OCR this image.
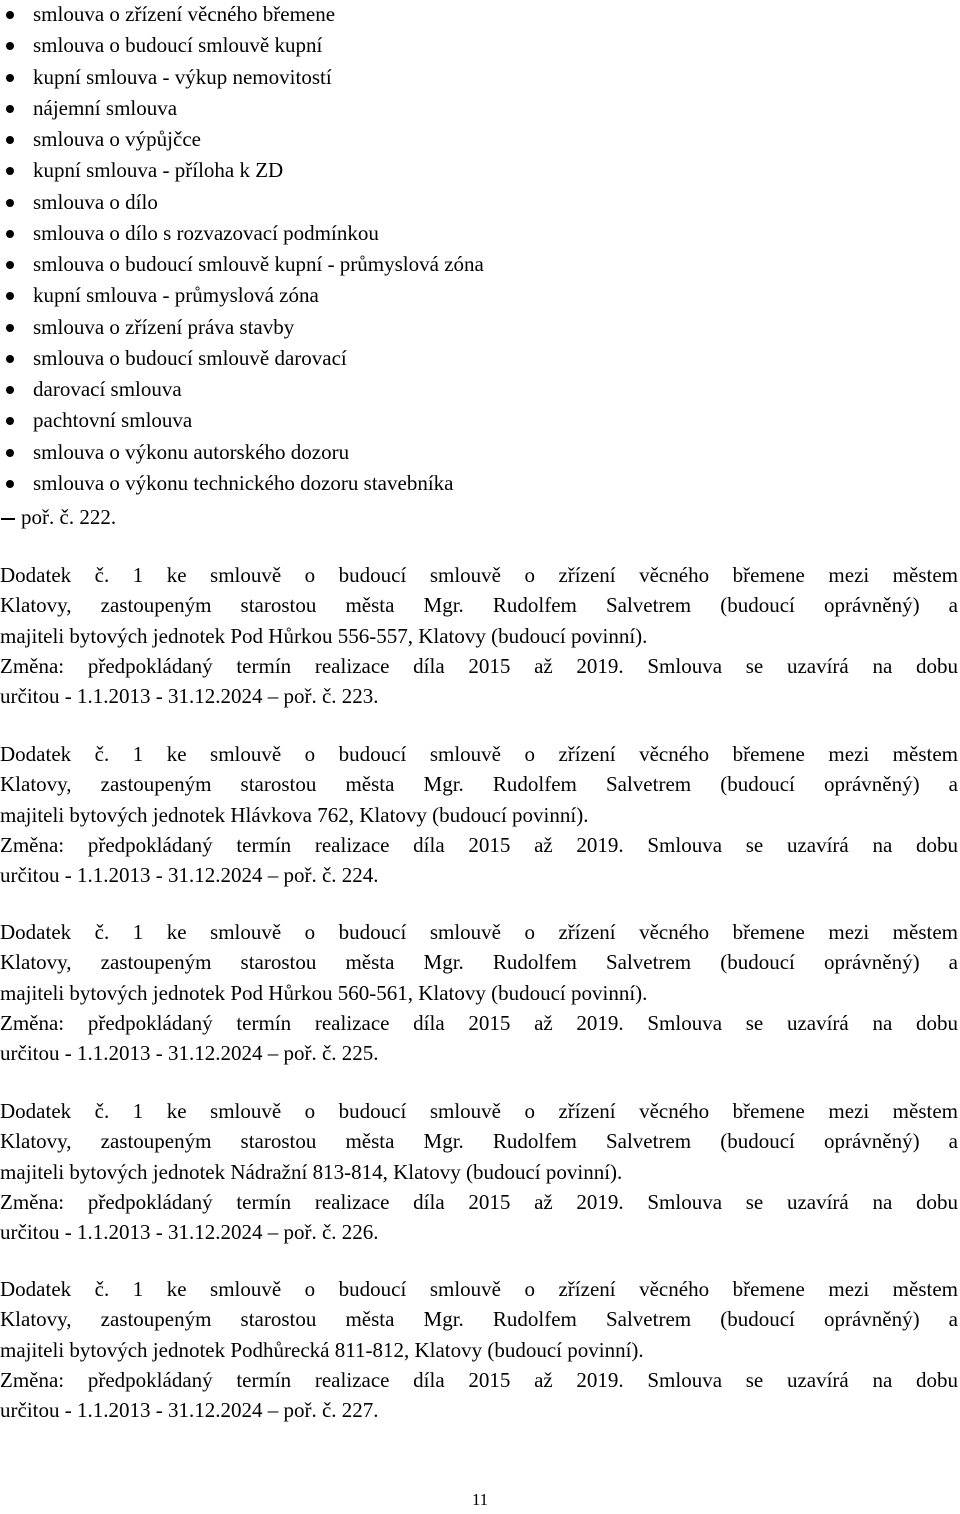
smlouva o zřízení věcného břemene
smlouva o budoucí smlouvě kupní
kupní smlouva - výkup nemovitostí
nájemní smlouva
smlouva o výpůjčce
kupní smlouva - příloha k ZD
smlouva o dílo
smlouva o dílo s rozvazovací podmínkou
smlouva o budoucí smlouvě kupní - průmyslová zóna
kupní smlouva - průmyslová zóna
smlouva o zřízení práva stavby
smlouva o budoucí smlouvě darovací
darovací smlouva
pachtovní smlouva
smlouva o výkonu autorského dozoru
smlouva o výkonu technického dozoru stavebníka
poř. č. 222.

Dodatek č. 1 ke smlouvě o budoucí smlouvě o zřízení věcného břemene mezi městem
Klatovy, zastoupeným starostou města Mgr. Rudolfem Salvetrem (budoucí oprávněný) a
majiteli bytových jednotek Pod Hůrkou 556-557, Klatovy (budoucí povinní).
Změna: předpokládaný termín realizace díla 2015 až 2019. Smlouva se uzavírá na dobu
určitou - 1.1.2013 - 31.12.2024 – poř. č. 223.

Dodatek č. 1 ke smlouvě o budoucí smlouvě o zřízení věcného břemene mezi městem
Klatovy, zastoupeným starostou města Mgr. Rudolfem Salvetrem (budoucí oprávněný) a
majiteli bytových jednotek Hlávkova 762, Klatovy (budoucí povinní).
Změna: předpokládaný termín realizace díla 2015 až 2019. Smlouva se uzavírá na dobu
určitou - 1.1.2013 - 31.12.2024 – poř. č. 224.

Dodatek č. 1 ke smlouvě o budoucí smlouvě o zřízení věcného břemene mezi městem
Klatovy, zastoupeným starostou města Mgr. Rudolfem Salvetrem (budoucí oprávněný) a
majiteli bytových jednotek Pod Hůrkou 560-561, Klatovy (budoucí povinní).
Změna: předpokládaný termín realizace díla 2015 až 2019. Smlouva se uzavírá na dobu
určitou - 1.1.2013 - 31.12.2024 – poř. č. 225.

Dodatek č. 1 ke smlouvě o budoucí smlouvě o zřízení věcného břemene mezi městem
Klatovy, zastoupeným starostou města Mgr. Rudolfem Salvetrem (budoucí oprávněný) a
majiteli bytových jednotek Nádražní 813-814, Klatovy (budoucí povinní).
Změna: předpokládaný termín realizace díla 2015 až 2019. Smlouva se uzavírá na dobu
určitou - 1.1.2013 - 31.12.2024 – poř. č. 226.

Dodatek č. 1 ke smlouvě o budoucí smlouvě o zřízení věcného břemene mezi městem
Klatovy, zastoupeným starostou města Mgr. Rudolfem Salvetrem (budoucí oprávněný) a
majiteli bytových jednotek Podhůrecká 811-812, Klatovy (budoucí povinní).
Změna: předpokládaný termín realizace díla 2015 až 2019. Smlouva se uzavírá na dobu
určitou - 1.1.2013 - 31.12.2024 – poř. č. 227.

11
